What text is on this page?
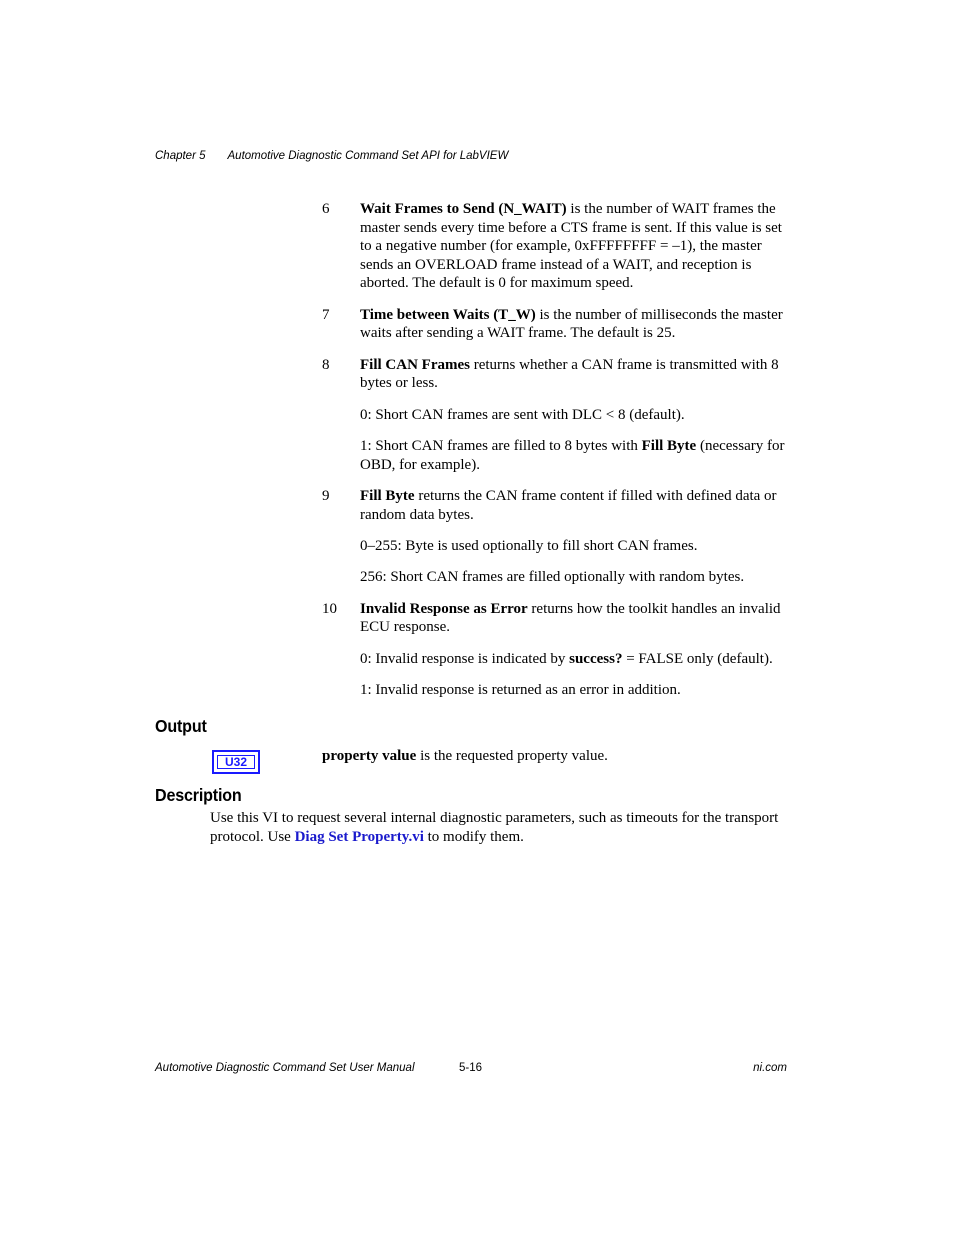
Chapter 5 Automotive Diagnostic Command Set API for LabVIEW
6 Wait Frames to Send (N_WAIT) is the number of WAIT frames the master sends every time before a CTS frame is sent. If this value is set to a negative number (for example, 0xFFFFFFFF = –1), the master sends an OVERLOAD frame instead of a WAIT, and reception is aborted. The default is 0 for maximum speed.

7 Time between Waits (T_W) is the number of milliseconds the master waits after sending a WAIT frame. The default is 25.

8 Fill CAN Frames returns whether a CAN frame is transmitted with 8 bytes or less.

0: Short CAN frames are sent with DLC < 8 (default).

1: Short CAN frames are filled to 8 bytes with Fill Byte (necessary for OBD, for example).

9 Fill Byte returns the CAN frame content if filled with defined data or random data bytes.

0–255: Byte is used optionally to fill short CAN frames.

256: Short CAN frames are filled optionally with random bytes.

10 Invalid Response as Error returns how the toolkit handles an invalid ECU response.

0: Invalid response is indicated by success? = FALSE only (default).

1: Invalid response is returned as an error in addition.

Output
U32	property value is the requested property value.
Description
Use this VI to request several internal diagnostic parameters, such as timeouts for the transport protocol. Use Diag Set Property.vi to modify them.
Automotive Diagnostic Command Set User Manual	5-16	ni.com
